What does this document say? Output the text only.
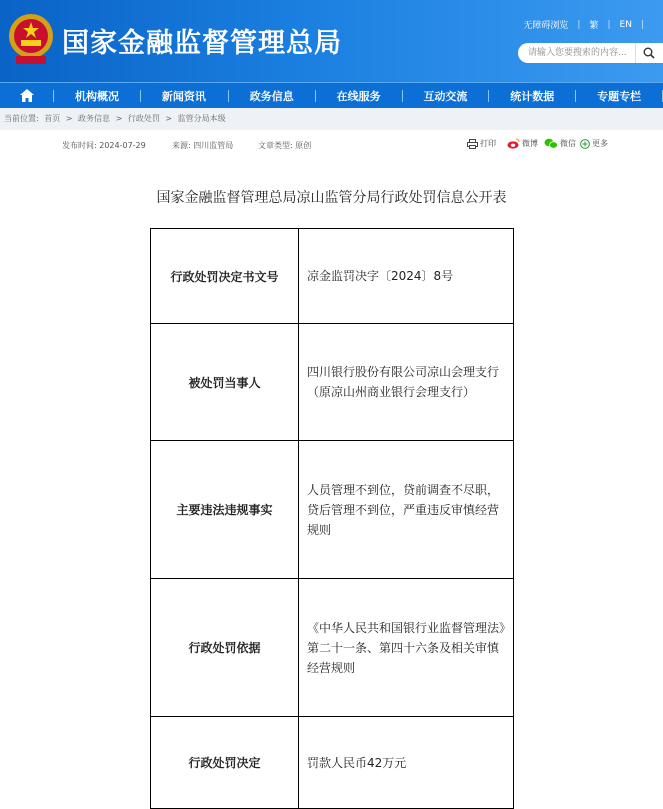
国家金融监督管理总局
无障碍浏览 | 繁 | EN |
请输入您要搜索的内容...
机构概况	新闻资讯	政务信息	在线服务	互动交流	统计数据	专题专栏
当前位置: 首页 > 政务信息 > 行政处罚 > 监管分局本级
发布时间: 2024-07-29	来源: 四川监管局	文章类型: 原创	打印	微博	微信 更多
国家金融监督管理总局凉山监管分局行政处罚信息公开表
行政处罚决定书文号	凉金监罚决字〔2024〕8号
被处罚当事人	四川银行股份有限公司凉山会理支行（原凉山州商业银行会理支行）
主要违法违规事实	人员管理不到位，贷前调查不尽职，贷后管理不到位，严重违反审慎经营规则
行政处罚依据	《中华人民共和国银行业监督管理法》第二十一条、第四十六条及相关审慎经营规则
行政处罚决定	罚款人民币42万元
